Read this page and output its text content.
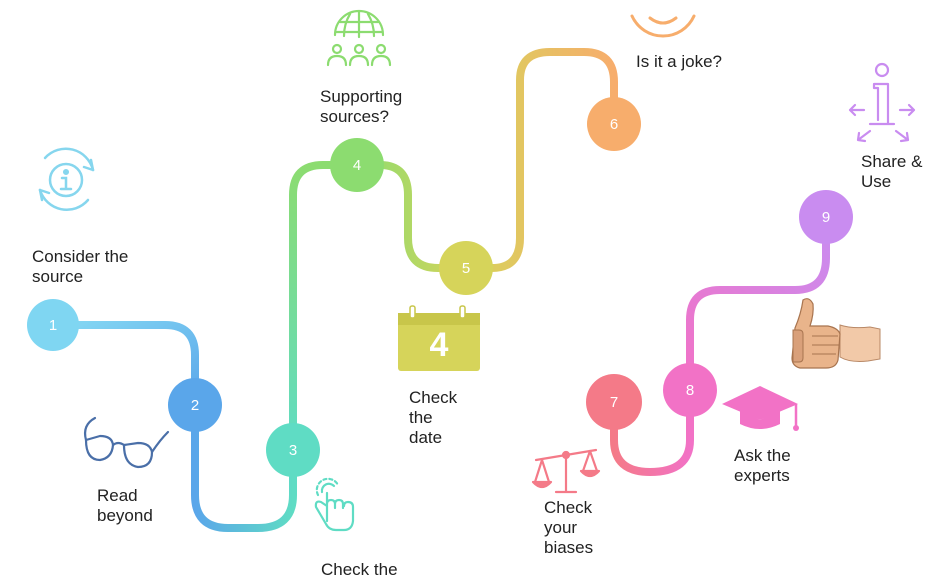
1
2
3
4
5
6
7
8
9
4
Consider the
source
Read
beyond
Check the
Supporting
sources?
Check
the
date
Is it a joke?
Check
your
biases
Ask the
experts
Share &
Use
